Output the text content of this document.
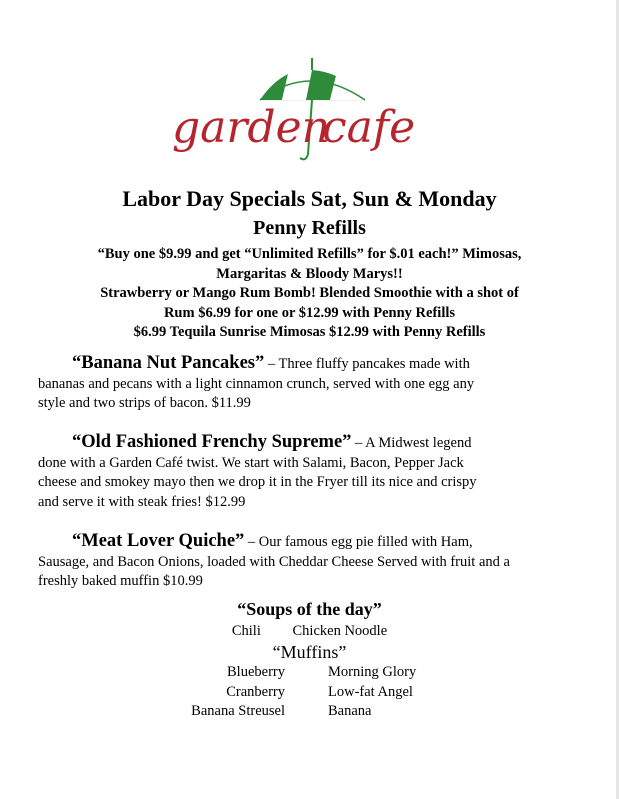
garden
cafe
Labor Day Specials Sat, Sun & Monday
Penny Refills
“Buy one $9.99 and get “Unlimited Refills” for $.01 each!” Mimosas,
Margaritas & Bloody Marys!!
Strawberry or Mango Rum Bomb! Blended Smoothie with a shot of
Rum $6.99 for one or $12.99 with Penny Refills
$6.99 Tequila Sunrise Mimosas $12.99 with Penny Refills
“Banana Nut Pancakes” – Three fluffy pancakes made with
bananas and pecans with a light cinnamon crunch, served with one egg any
style and two strips of bacon. $11.99
“Old Fashioned Frenchy Supreme” – A Midwest legend
done with a Garden Café twist. We start with Salami, Bacon, Pepper Jack
cheese and smokey mayo then we drop it in the Fryer till its nice and crispy
and serve it with steak fries! $12.99
“Meat Lover Quiche” – Our famous egg pie filled with Ham,
Sausage, and Bacon Onions, loaded with Cheddar Cheese Served with fruit and a
freshly baked muffin $10.99
“Soups of the day”
Chili Chicken Noodle
“Muffins”
Blueberry
Cranberry
Banana Streusel
Morning Glory
Low-fat Angel
Banana
